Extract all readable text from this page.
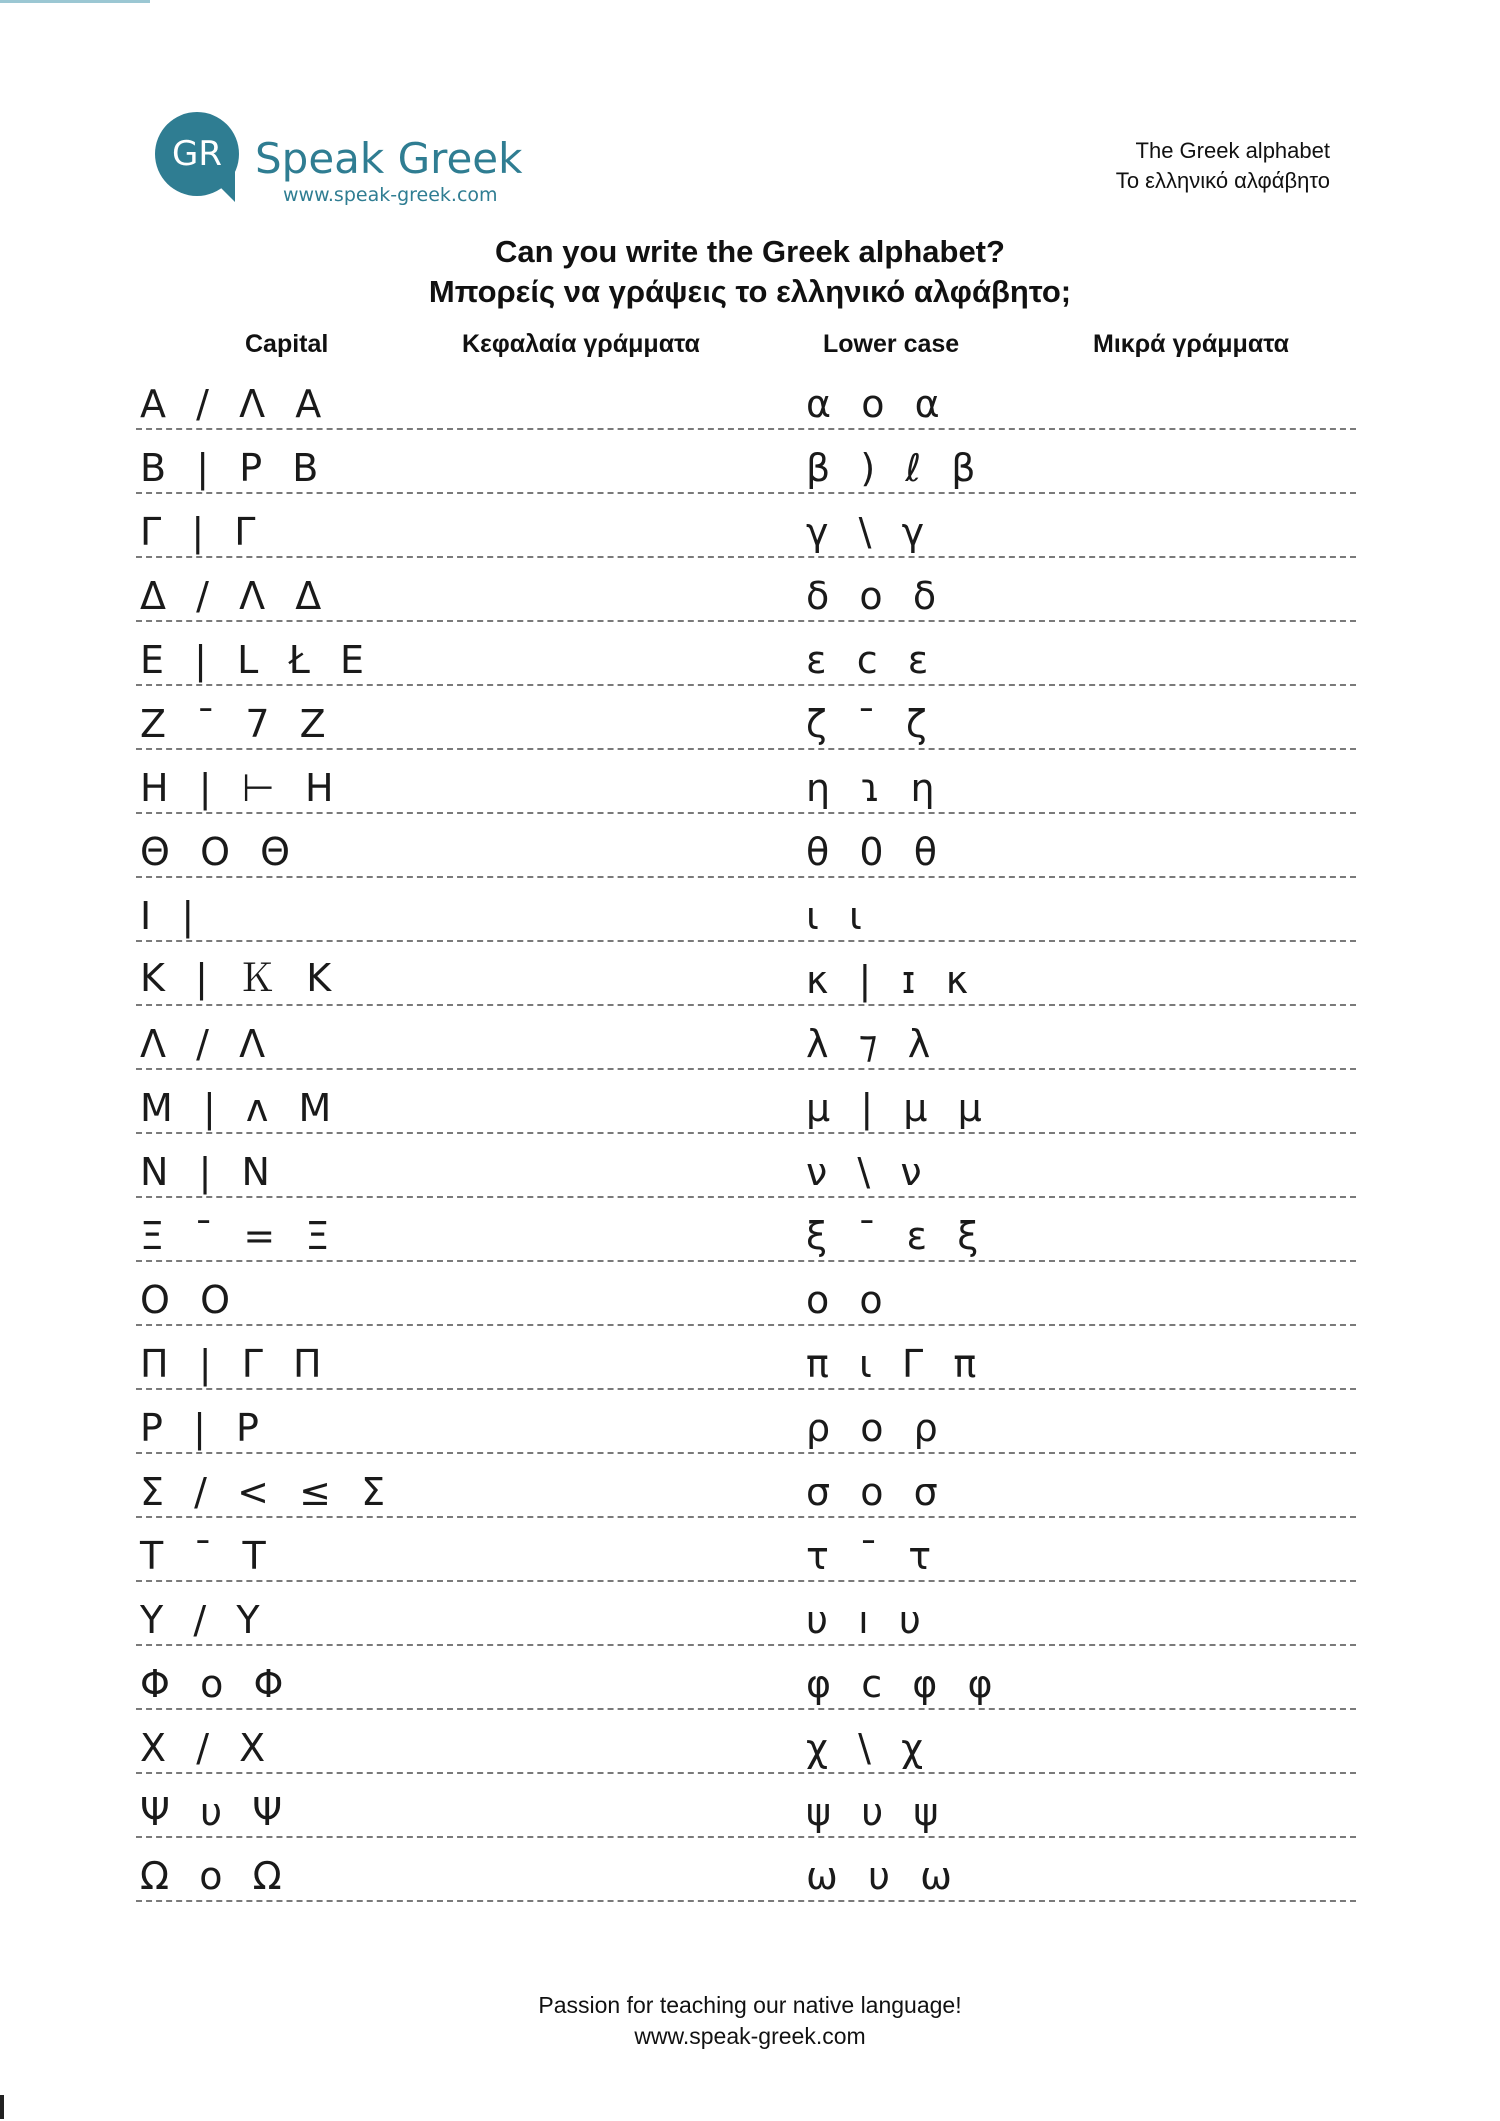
GR Speak Greek
www.speak-greek.com
The Greek alphabet
Το ελληνικό αλφάβητο
Can you write the Greek alphabet?
Μπορείς να γράψεις το ελληνικό αλφάβητο;
Capital	Κεφαλαία γράμματα	Lower case	Μικρά γράμματα
Α  /  Λ  Α	α  ο  α
Β  |  Ρ  Β	β  )  ℓ  β
Γ  |  Γ	γ  \  γ
Δ  /  Λ  Δ	δ  ο  δ
Ε  |  L  Ł  Ε	ε  c  ε
Ζ  ¯  7  Ζ	ζ  ¯  ζ
Η  |  ⊢  Η	η  ɿ  η
Θ  Ο  Θ	θ  0  θ
Ι  |	ι  ι
Κ  |  Ｋ  Κ	κ  |  ɪ  κ
Λ  /  Λ	λ  ⁊  λ
Μ  |  ʌ  Μ	μ  |  μ  μ
Ν  |  Ν	ν  \  ν
Ξ  ¯  =  Ξ	ξ  ¯  ɛ  ξ
Ο  Ο	ο  ο
Π  |  Γ  Π	π  ι  Γ  π
Ρ  |  Ρ	ρ  ο  ρ
Σ  /  <  ≤  Σ	σ  ο  σ
Τ  ¯  Τ	τ  ¯  τ
Υ  /  Υ	υ  ı  υ
Φ  ο  Φ	φ  c  φ  φ
Χ  /  Χ	χ  \  χ
Ψ  υ  Ψ	ψ  υ  ψ
Ω  ο  Ω	ω  υ  ω
Passion for teaching our native language!
www.speak-greek.com
